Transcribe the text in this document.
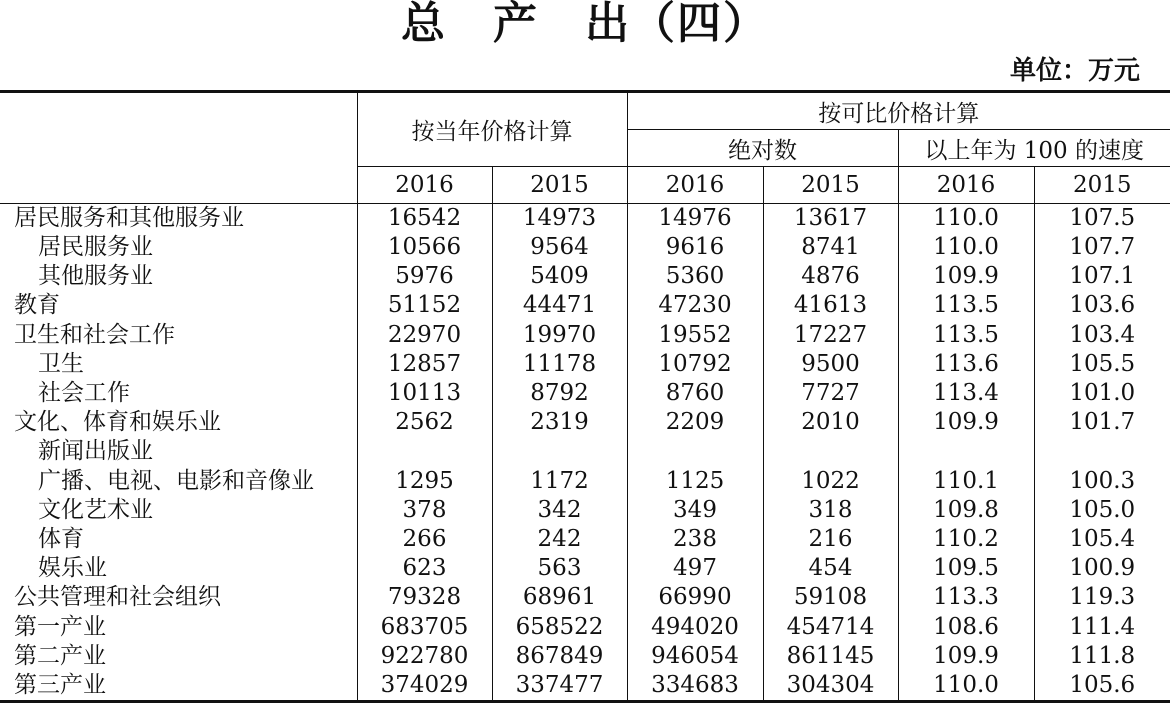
总　产　出（四）
单位：万元
	按当年价格计算		按可比价格计算			
			绝对数		以上年为 100 的速度	
	2016	2015	2016	2015	2016	2015
居民服务和其他服务业	16542	14973	14976	13617	110.0	107.5
居民服务业	10566	9564	9616	8741	110.0	107.7
其他服务业	5976	5409	5360	4876	109.9	107.1
教育	51152	44471	47230	41613	113.5	103.6
卫生和社会工作	22970	19970	19552	17227	113.5	103.4
卫生	12857	11178	10792	9500	113.6	105.5
社会工作	10113	8792	8760	7727	113.4	101.0
文化、体育和娱乐业	2562	2319	2209	2010	109.9	101.7
新闻出版业						
广播、电视、电影和音像业	1295	1172	1125	1022	110.1	100.3
文化艺术业	378	342	349	318	109.8	105.0
体育	266	242	238	216	110.2	105.4
娱乐业	623	563	497	454	109.5	100.9
公共管理和社会组织	79328	68961	66990	59108	113.3	119.3
第一产业	683705	658522	494020	454714	108.6	111.4
第二产业	922780	867849	946054	861145	109.9	111.8
第三产业	374029	337477	334683	304304	110.0	105.6
